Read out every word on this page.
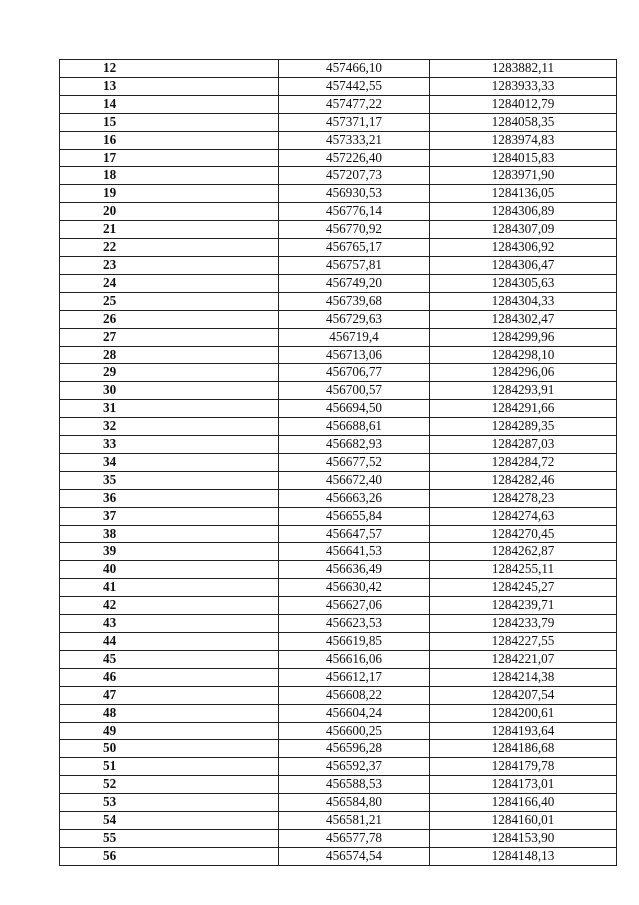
12	457466,10	1283882,11
13	457442,55	1283933,33
14	457477,22	1284012,79
15	457371,17	1284058,35
16	457333,21	1283974,83
17	457226,40	1284015,83
18	457207,73	1283971,90
19	456930,53	1284136,05
20	456776,14	1284306,89
21	456770,92	1284307,09
22	456765,17	1284306,92
23	456757,81	1284306,47
24	456749,20	1284305,63
25	456739,68	1284304,33
26	456729,63	1284302,47
27	456719,4	1284299,96
28	456713,06	1284298,10
29	456706,77	1284296,06
30	456700,57	1284293,91
31	456694,50	1284291,66
32	456688,61	1284289,35
33	456682,93	1284287,03
34	456677,52	1284284,72
35	456672,40	1284282,46
36	456663,26	1284278,23
37	456655,84	1284274,63
38	456647,57	1284270,45
39	456641,53	1284262,87
40	456636,49	1284255,11
41	456630,42	1284245,27
42	456627,06	1284239,71
43	456623,53	1284233,79
44	456619,85	1284227,55
45	456616,06	1284221,07
46	456612,17	1284214,38
47	456608,22	1284207,54
48	456604,24	1284200,61
49	456600,25	1284193,64
50	456596,28	1284186,68
51	456592,37	1284179,78
52	456588,53	1284173,01
53	456584,80	1284166,40
54	456581,21	1284160,01
55	456577,78	1284153,90
56	456574,54	1284148,13
